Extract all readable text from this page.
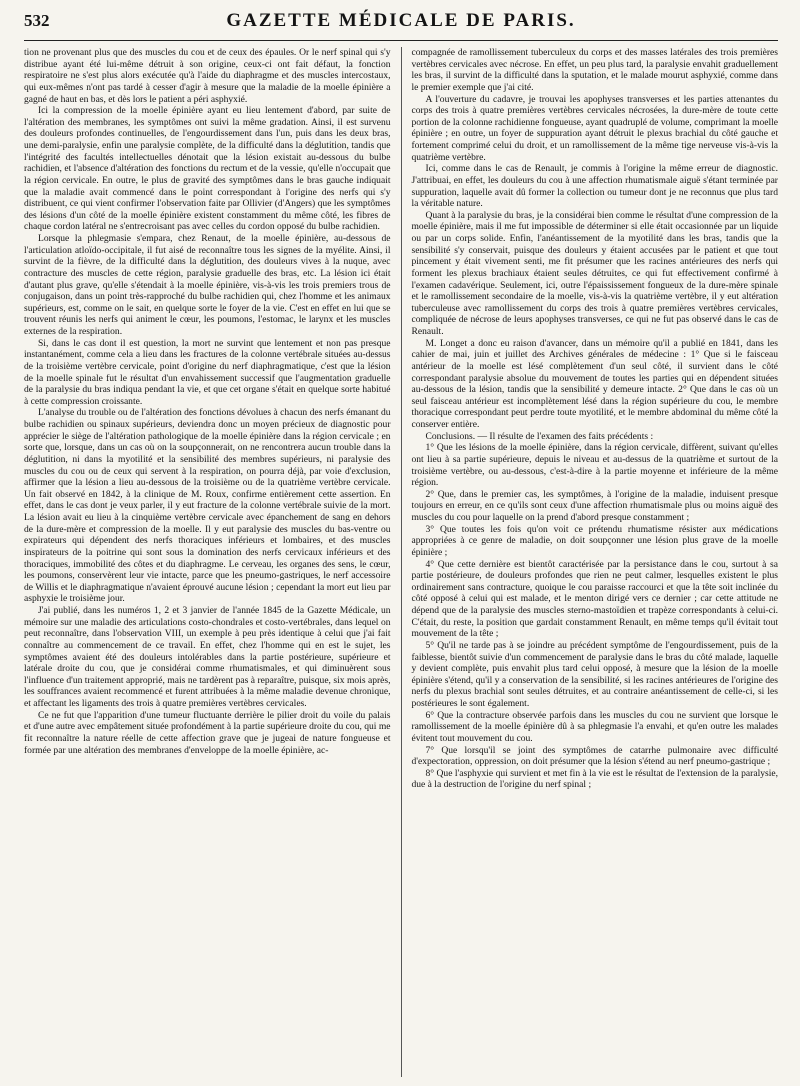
532	GAZETTE MÉDICALE DE PARIS.

tion ne provenant plus que des muscles du cou et de ceux des épaules. Or le nerf spinal qui s'y distribue ayant été lui-même détruit à son origine, ceux-ci ont fait défaut, la fonction respiratoire ne s'est plus alors exécutée qu'à l'aide du diaphragme et des muscles intercostaux, qui eux-mêmes n'ont pas tardé à cesser d'agir à mesure que la maladie de la moelle épinière a gagné de haut en bas, et dès lors le patient a péri asphyxié.

Ici la compression de la moelle épinière ayant eu lieu lentement d'abord, par suite de l'altération des membranes, les symptômes ont suivi la même gradation. Ainsi, il est survenu des douleurs profondes continuelles, de l'engourdissement dans l'un, puis dans les deux bras, une demi-paralysie, enfin une paralysie complète, de la difficulté dans la déglutition, tandis que l'intégrité des facultés intellectuelles dénotait que la lésion existait au-dessous du bulbe rachidien, et l'absence d'altération des fonctions du rectum et de la vessie, qu'elle n'occupait que la région cervicale. En outre, le plus de gravité des symptômes dans le bras gauche indiquait que la maladie avait commencé dans le point correspondant à l'origine des nerfs qui s'y distribuent, ce qui vient confirmer l'observation faite par Ollivier (d'Angers) que les symptômes des lésions d'un côté de la moelle épinière existent constamment du même côté, les fibres de chaque cordon latéral ne s'entrecroisant pas avec celles du cordon opposé du bulbe rachidien.

Lorsque la phlegmasie s'empara, chez Renaut, de la moelle épinière, au-dessous de l'articulation atloïdo-occipitale, il fut aisé de reconnaître tous les signes de la myélite. Ainsi, il survint de la fièvre, de la difficulté dans la déglutition, des douleurs vives à la nuque, avec contracture des muscles de cette région, paralysie graduelle des bras, etc. La lésion ici était d'autant plus grave, qu'elle s'étendait à la moelle épinière, vis-à-vis les trois premiers trous de conjugaison, dans un point très-rapproché du bulbe rachidien qui, chez l'homme et les animaux supérieurs, est, comme on le sait, en quelque sorte le foyer de la vie. C'est en effet en lui que se trouvent réunis les nerfs qui animent le cœur, les poumons, l'estomac, le larynx et les muscles externes de la respiration.

Si, dans le cas dont il est question, la mort ne survint que lentement et non pas presque instantanément, comme cela a lieu dans les fractures de la colonne vertébrale situées au-dessus de la troisième vertèbre cervicale, point d'origine du nerf diaphragmatique, c'est que la lésion de la moelle spinale fut le résultat d'un envahissement successif que l'augmentation graduelle de la paralysie du bras indiqua pendant la vie, et que cet organe s'était en quelque sorte habitué à cette compression croissante.

L'analyse du trouble ou de l'altération des fonctions dévolues à chacun des nerfs émanant du bulbe rachidien ou spinaux supérieurs, deviendra donc un moyen précieux de diagnostic pour apprécier le siège de l'altération pathologique de la moelle épinière dans la région cervicale ; en sorte que, lorsque, dans un cas où on la soupçonnerait, on ne rencontrera aucun trouble dans la déglutition, ni dans la myotilité et la sensibilité des membres supérieurs, ni paralysie des muscles du cou ou de ceux qui servent à la respiration, on pourra déjà, par voie d'exclusion, affirmer que la lésion a lieu au-dessous de la troisième ou de la quatrième vertèbre cervicale. Un fait observé en 1842, à la clinique de M. Roux, confirme entièrement cette assertion. En effet, dans le cas dont je veux parler, il y eut fracture de la colonne vertébrale suivie de la mort. La lésion avait eu lieu à la cinquième vertèbre cervicale avec épanchement de sang en dehors de la dure-mère et compression de la moelle. Il y eut paralysie des muscles du bas-ventre ou expirateurs qui dépendent des nerfs thoraciques inférieurs et lombaires, et des muscles inspirateurs de la poitrine qui sont sous la domination des nerfs cervicaux inférieurs et des thoraciques, immobilité des côtes et du diaphragme. Le cerveau, les organes des sens, le cœur, les poumons, conservèrent leur vie intacte, parce que les pneumo-gastriques, le nerf accessoire de Willis et le diaphragmatique n'avaient éprouvé aucune lésion ; cependant la mort eut lieu par asphyxie le troisième jour.

J'ai publié, dans les numéros 1, 2 et 3 janvier de l'année 1845 de la Gazette Médicale, un mémoire sur une maladie des articulations costo-chondrales et costo-vertébrales, dans lequel on peut reconnaître, dans l'observation VIII, un exemple à peu près identique à celui que j'ai fait connaître au commencement de ce travail. En effet, chez l'homme qui en est le sujet, les symptômes avaient été des douleurs intolérables dans la partie postérieure, supérieure et latérale droite du cou, que je considérai comme rhumatismales, et qui diminuèrent sous l'influence d'un traitement approprié, mais ne tardèrent pas à reparaître, puisque, six mois après, les souffrances avaient recommencé et furent attribuées à la même maladie devenue chronique, et affectant les ligaments des trois à quatre premières vertèbres cervicales.

Ce ne fut que l'apparition d'une tumeur fluctuante derrière le pilier droit du voile du palais et d'une autre avec empâtement située profondément à la partie supérieure droite du cou, qui me fit reconnaître la nature réelle de cette affection grave que je jugeai de nature fongueuse et formée par une altération des membranes d'enveloppe de la moelle épinière, ac-

compagnée de ramollissement tuberculeux du corps et des masses latérales des trois premières vertèbres cervicales avec nécrose. En effet, un peu plus tard, la paralysie envahit graduellement les bras, il survint de la difficulté dans la sputation, et le malade mourut asphyxié, comme dans le premier exemple que j'ai cité.

A l'ouverture du cadavre, je trouvai les apophyses transverses et les parties attenantes du corps des trois à quatre premières vertèbres cervicales nécrosées, la dure-mère de toute cette portion de la colonne rachidienne fongueuse, ayant quadruplé de volume, comprimant la moelle épinière ; en outre, un foyer de suppuration ayant détruit le plexus brachial du côté gauche et fortement comprimé celui du droit, et un ramollissement de la même tige nerveuse vis-à-vis la quatrième vertèbre.

Ici, comme dans le cas de Renault, je commis à l'origine la même erreur de diagnostic. J'attribuai, en effet, les douleurs du cou à une affection rhumatismale aiguë s'étant terminée par suppuration, laquelle avait dû former la collection ou tumeur dont je ne reconnus que plus tard la véritable nature.

Quant à la paralysie du bras, je la considérai bien comme le résultat d'une compression de la moelle épinière, mais il me fut impossible de déterminer si elle était occasionnée par un liquide ou par un corps solide. Enfin, l'anéantissement de la myotilité dans les bras, tandis que la sensibilité s'y conservait, puisque des douleurs y étaient accusées par le patient et que tout pincement y était vivement senti, me fit présumer que les racines antérieures des nerfs qui forment les plexus brachiaux étaient seules détruites, ce qui fut effectivement confirmé à l'examen cadavérique. Seulement, ici, outre l'épaississement fongueux de la dure-mère spinale et le ramollissement secondaire de la moelle, vis-à-vis la quatrième vertèbre, il y eut altération tuberculeuse avec ramollissement du corps des trois à quatre premières vertèbres cervicales, compliquée de nécrose de leurs apophyses transverses, ce qui ne fut pas observé dans le cas de Renault.

M. Longet a donc eu raison d'avancer, dans un mémoire qu'il a publié en 1841, dans les cahier de mai, juin et juillet des Archives générales de médecine : 1° Que si le faisceau antérieur de la moelle est lésé complètement d'un seul côté, il survient dans le côté correspondant paralysie absolue du mouvement de toutes les parties qui en dépendent situées au-dessous de la lésion, tandis que la sensibilité y demeure intacte. 2° Que dans le cas où un seul faisceau antérieur est incomplètement lésé dans la région supérieure du cou, le membre thoracique correspondant peut perdre toute myotilité, et le membre abdominal du même côté la conserver entière.

Conclusions. — Il résulte de l'examen des faits précédents :

1° Que les lésions de la moelle épinière, dans la région cervicale, diffèrent, suivant qu'elles ont lieu à sa partie supérieure, depuis le niveau et au-dessus de la quatrième et surtout de la troisième vertèbre, ou au-dessous, c'est-à-dire à la partie moyenne et inférieure de la même région.

2° Que, dans le premier cas, les symptômes, à l'origine de la maladie, induisent presque toujours en erreur, en ce qu'ils sont ceux d'une affection rhumatismale plus ou moins aiguë des muscles du cou pour laquelle on la prend d'abord presque constamment ;

3° Que toutes les fois qu'on voit ce prétendu rhumatisme résister aux médications appropriées à ce genre de maladie, on doit soupçonner une lésion plus grave de la moelle épinière ;

4° Que cette dernière est bientôt caractérisée par la persistance dans le cou, surtout à sa partie postérieure, de douleurs profondes que rien ne peut calmer, lesquelles existent le plus ordinairement sans contracture, quoique le cou paraisse raccourci et que la tête soit inclinée du côté opposé à celui qui est malade, et le menton dirigé vers ce dernier ; car cette attitude ne dépend que de la paralysie des muscles sterno-mastoïdien et trapèze correspondants à celui-ci. C'était, du reste, la position que gardait constamment Renault, en même temps qu'il évitait tout mouvement de la tête ;

5° Qu'il ne tarde pas à se joindre au précédent symptôme de l'engourdissement, puis de la faiblesse, bientôt suivie d'un commencement de paralysie dans le bras du côté malade, laquelle y devient complète, puis envahit plus tard celui opposé, à mesure que la lésion de la moelle épinière s'étend, qu'il y a conservation de la sensibilité, si les racines antérieures de l'origine des nerfs du plexus brachial sont seules détruites, et au contraire anéantissement de celle-ci, si les postérieures le sont également.

6° Que la contracture observée parfois dans les muscles du cou ne survient que lorsque le ramollissement de la moelle épinière dû à sa phlegmasie l'a envahi, et qu'en outre les malades évitent tout mouvement du cou.

7° Que lorsqu'il se joint des symptômes de catarrhe pulmonaire avec difficulté d'expectoration, oppression, on doit présumer que la lésion s'étend au nerf pneumo-gastrique ;

8° Que l'asphyxie qui survient et met fin à la vie est le résultat de l'extension de la paralysie, due à la destruction de l'origine du nerf spinal ;
